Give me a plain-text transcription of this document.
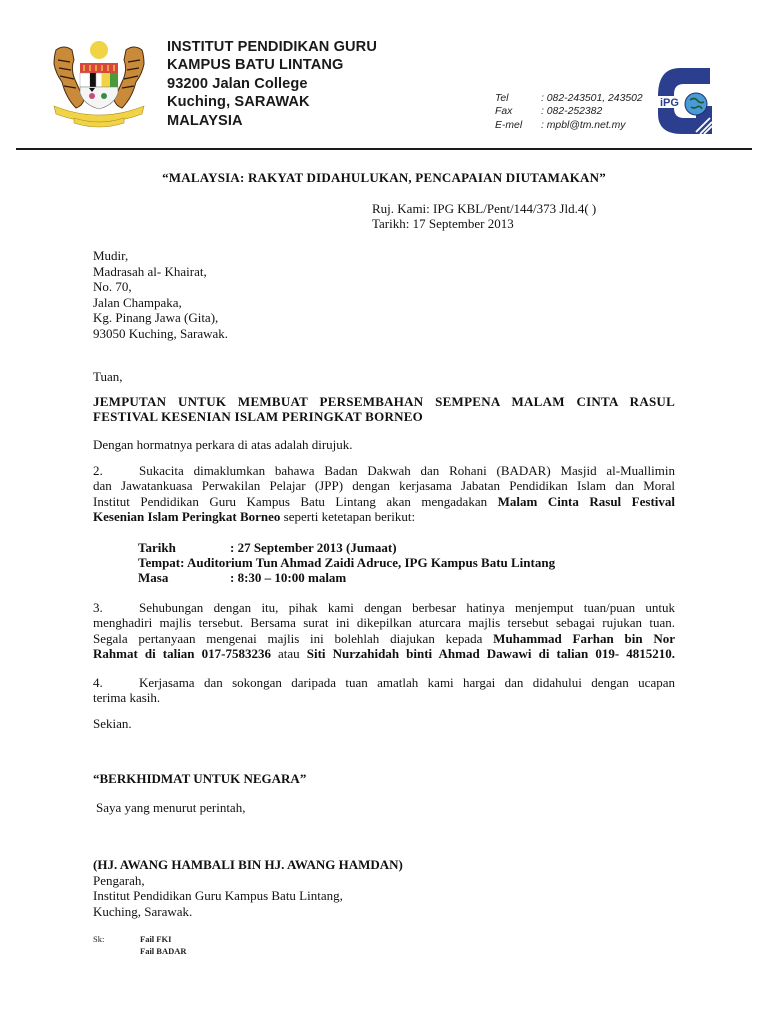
INSTITUT PENDIDIKAN GURU
KAMPUS BATU LINTANG
93200 Jalan College
Kuching, SARAWAK
MALAYSIA
Tel	: 082-243501, 243502
Fax	: 082-252382
E-mel	: mpbl@tm.net.my
iPG
“MALAYSIA: RAKYAT DIDAHULUKAN, PENCAPAIAN DIUTAMAKAN”
Ruj. Kami: IPG KBL/Pent/144/373 Jld.4( )
Tarikh: 17 September 2013
Mudir,
Madrasah al- Khairat,
No. 70,
Jalan Champaka,
Kg. Pinang Jawa (Gita),
93050 Kuching, Sarawak.
Tuan,
JEMPUTAN UNTUK MEMBUAT PERSEMBAHAN SEMPENA MALAM CINTA RASUL
FESTIVAL KESENIAN ISLAM PERINGKAT BORNEO
Dengan hormatnya perkara di atas adalah dirujuk.
2.	Sukacita dimaklumkan bahawa Badan Dakwah dan Rohani (BADAR) Masjid al-Muallimin
dan Jawatankuasa Perwakilan Pelajar (JPP) dengan kerjasama Jabatan Pendidikan Islam dan Moral
Institut Pendidikan Guru Kampus Batu Lintang akan mengadakan Malam Cinta Rasul Festival
Kesenian Islam Peringkat Borneo seperti ketetapan berikut:
Tarikh	: 27 September 2013 (Jumaat)
Tempat : Auditorium Tun Ahmad Zaidi Adruce, IPG Kampus Batu Lintang
Masa	: 8:30 – 10:00 malam
3.	Sehubungan dengan itu, pihak kami dengan berbesar hatinya menjemput tuan/puan untuk
menghadiri majlis tersebut. Bersama surat ini dikepilkan aturcara majlis tersebut sebagai rujukan tuan.
Segala pertanyaan mengenai majlis ini bolehlah diajukan kepada Muhammad Farhan bin Nor
Rahmat di talian 017-7583236 atau Siti Nurzahidah binti Ahmad Dawawi di talian 019- 4815210.
4.	Kerjasama dan sokongan daripada tuan amatlah kami hargai dan didahului dengan ucapan
terima kasih.
Sekian.
“BERKHIDMAT UNTUK NEGARA”
Saya yang menurut perintah,
(HJ. AWANG HAMBALI BIN HJ. AWANG HAMDAN)
Pengarah,
Institut Pendidikan Guru Kampus Batu Lintang,
Kuching, Sarawak.
Sk:	Fail FKI
Fail BADAR
